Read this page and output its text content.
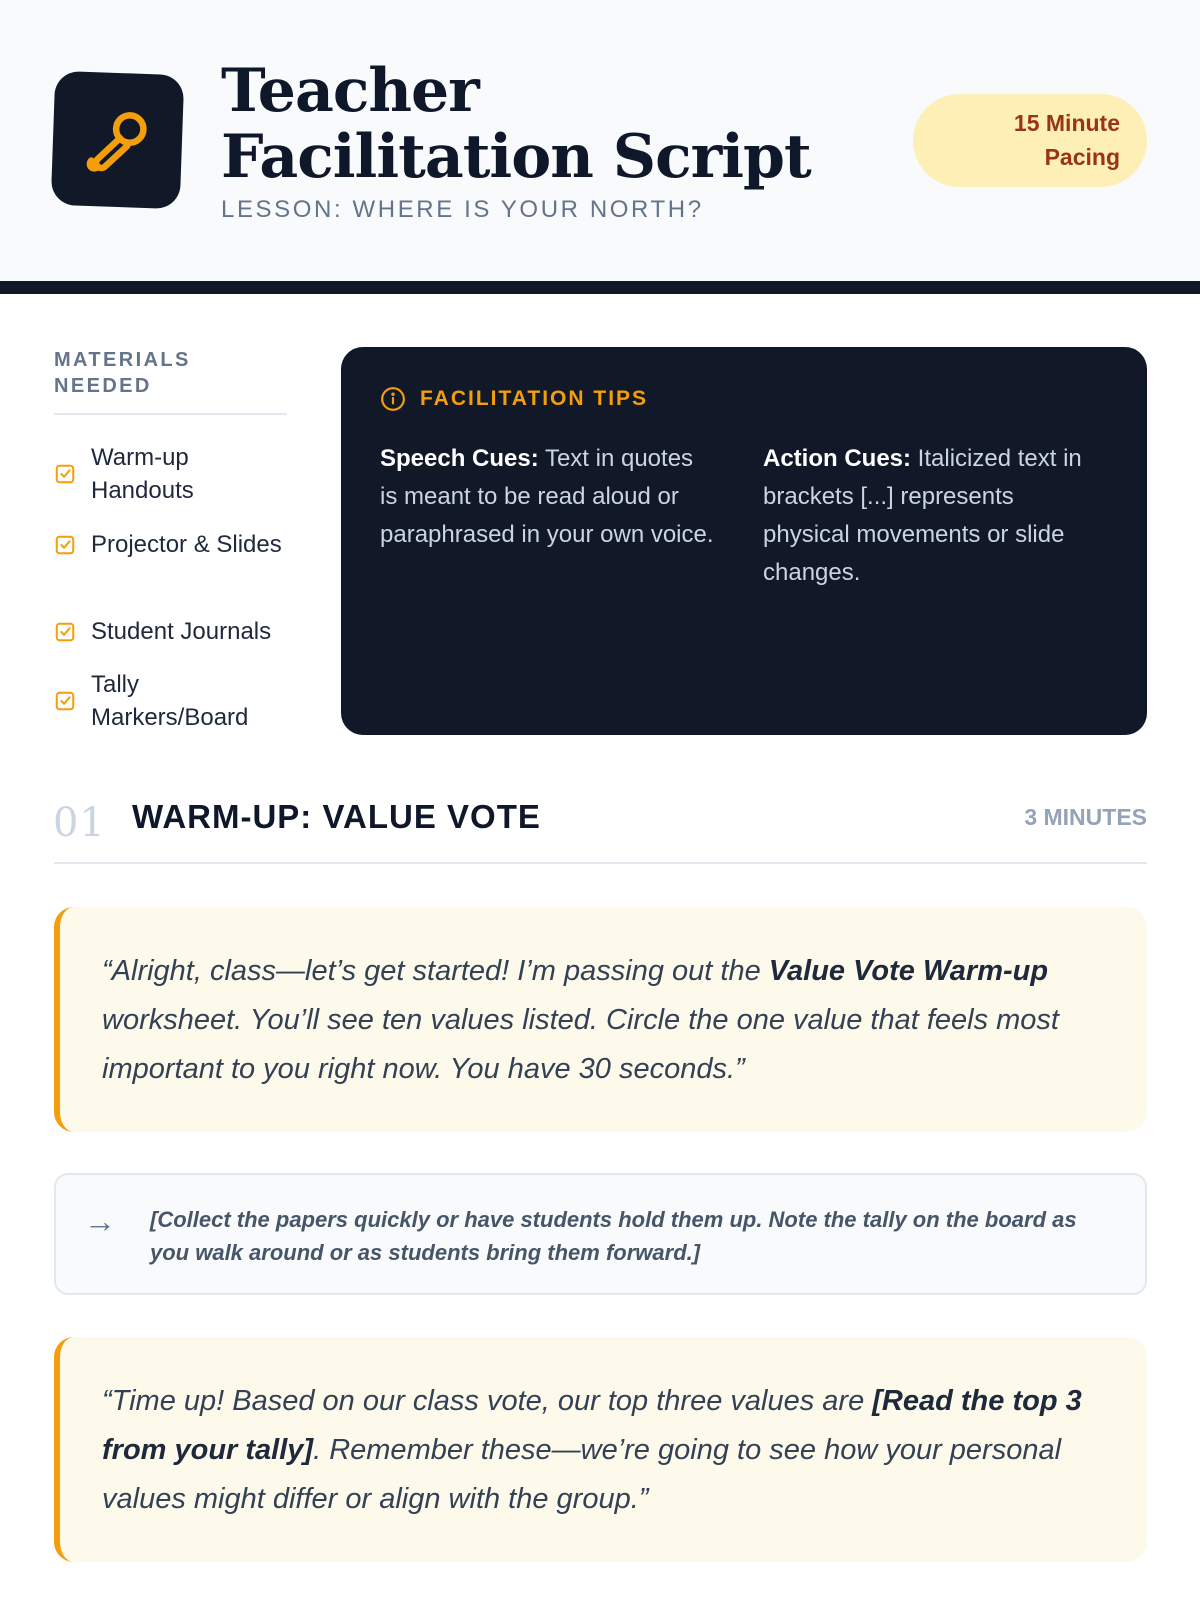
Teacher Facilitation Script
LESSON: WHERE IS YOUR NORTH?
15 Minute Pacing
MATERIALS NEEDED
Warm-up Handouts
Projector & Slides
Student Journals
Tally Markers/Board
FACILITATION TIPS
Speech Cues: Text in quotes is meant to be read aloud or paraphrased in your own voice.
Action Cues: Italicized text in brackets [...] represents physical movements or slide changes.
01 WARM-UP: VALUE VOTE	3 MINUTES
“Alright, class—let’s get started! I’m passing out the Value Vote Warm-up worksheet. You’ll see ten values listed. Circle the one value that feels most important to you right now. You have 30 seconds.”
→ [Collect the papers quickly or have students hold them up. Note the tally on the board as you walk around or as students bring them forward.]
“Time up! Based on our class vote, our top three values are [Read the top 3 from your tally]. Remember these—we’re going to see how your personal values might differ or align with the group.”
